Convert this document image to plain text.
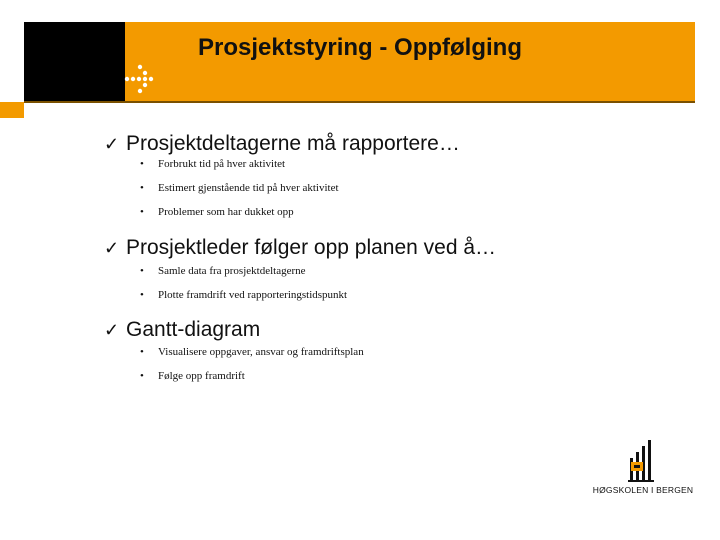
Prosjektstyring - Oppfølging
✓ Prosjektdeltagerne må rapportere…
• Forbrukt tid på hver aktivitet
• Estimert gjenstående tid på hver aktivitet
• Problemer som har dukket opp
✓ Prosjektleder følger opp planen ved å…
• Samle data fra prosjektdeltagerne
• Plotte framdrift ved rapporteringstidspunkt
✓ Gantt-diagram
• Visualisere oppgaver, ansvar og framdriftsplan
• Følge opp framdrift
HØGSKOLEN I BERGEN
